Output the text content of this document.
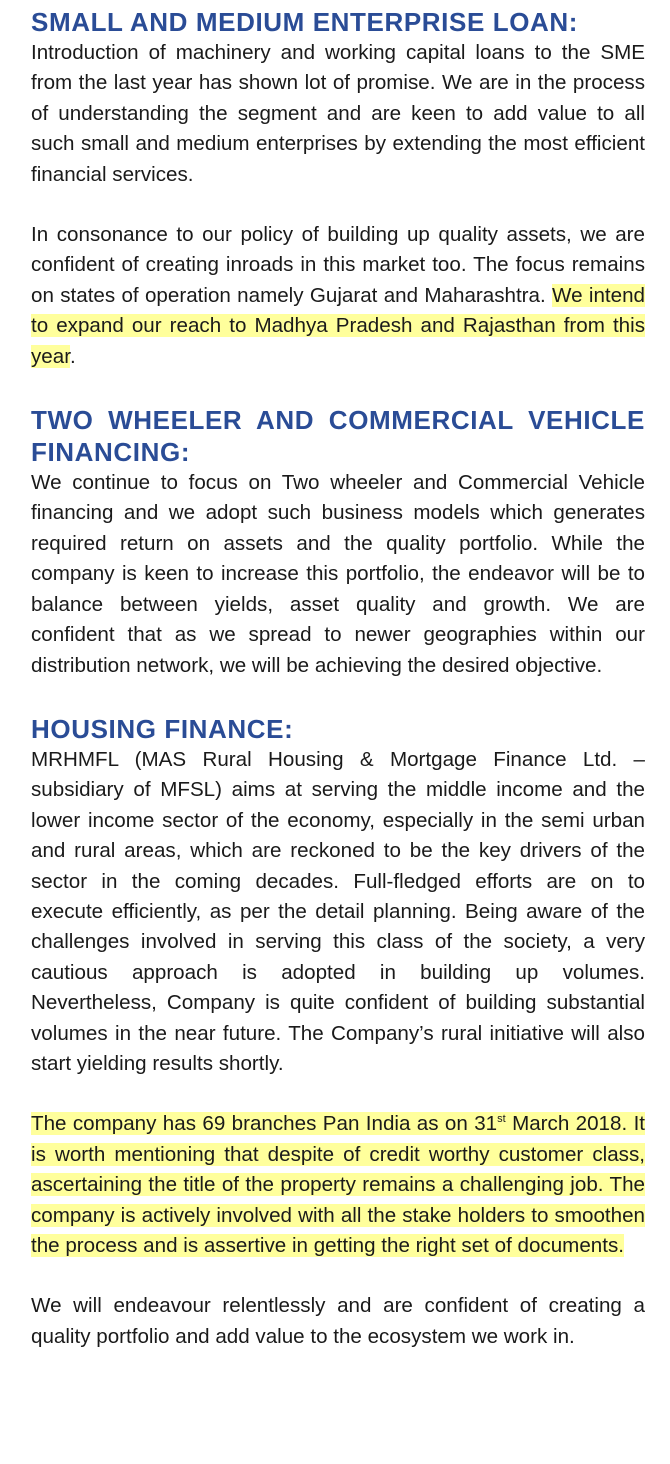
SMALL AND MEDIUM ENTERPRISE LOAN:

Introduction of machinery and working capital loans to the SME from the last year has shown lot of promise. We are in the process of understanding the segment and are keen to add value to all such small and medium enterprises by extending the most efficient financial services.

In consonance to our policy of building up quality assets, we are confident of creating inroads in this market too. The focus remains on states of operation namely Gujarat and Maharashtra. We intend to expand our reach to Madhya Pradesh and Rajasthan from this year.

TWO WHEELER AND COMMERCIAL VEHICLE FINANCING:

We continue to focus on Two wheeler and Commercial Vehicle financing and we adopt such business models which generates required return on assets and the quality portfolio. While the company is keen to increase this portfolio, the endeavor will be to balance between yields, asset quality and growth. We are confident that as we spread to newer geographies within our distribution network, we will be achieving the desired objective.

HOUSING FINANCE:

MRHMFL (MAS Rural Housing & Mortgage Finance Ltd. – subsidiary of MFSL) aims at serving the middle income and the lower income sector of the economy, especially in the semi urban and rural areas, which are reckoned to be the key drivers of the sector in the coming decades. Full-fledged efforts are on to execute efficiently, as per the detail planning. Being aware of the challenges involved in serving this class of the society, a very cautious approach is adopted in building up volumes. Nevertheless, Company is quite confident of building substantial volumes in the near future. The Company’s rural initiative will also start yielding results shortly.

The company has 69 branches Pan India as on 31st March 2018. It is worth mentioning that despite of credit worthy customer class, ascertaining the title of the property remains a challenging job. The company is actively involved with all the stake holders to smoothen the process and is assertive in getting the right set of documents.

We will endeavour relentlessly and are confident of creating a quality portfolio and add value to the ecosystem we work in.
